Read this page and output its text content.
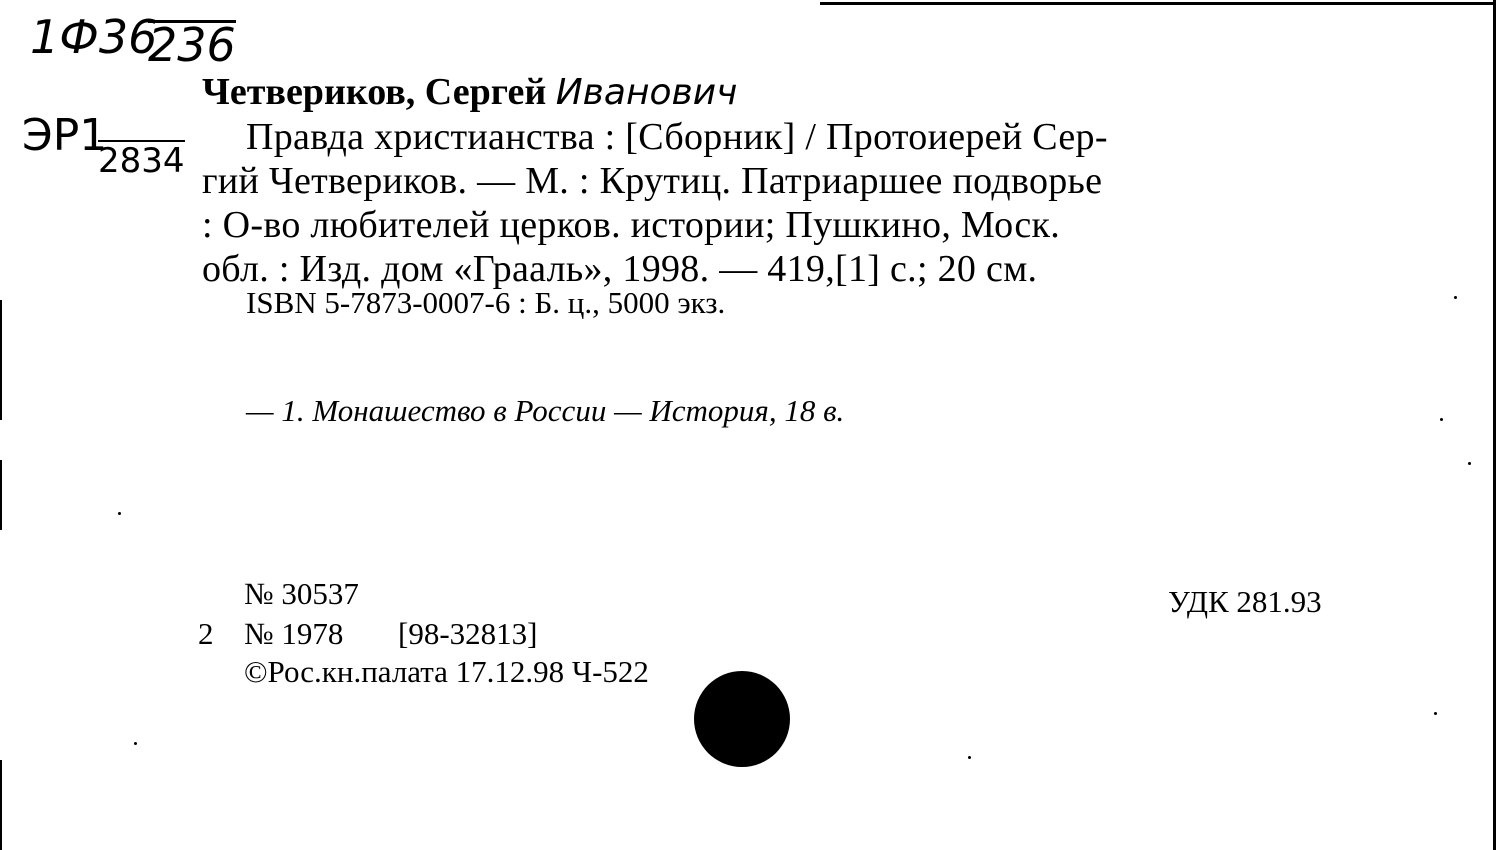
1Ф36
236
ЭР1
2834
Четвериков, Сергей Иванович
Правда христианства : [Сборник] / Протоиерей Сер-
гий Четвериков. — М. : Крутиц. Патриаршее подворье
: О-во любителей церков. истории; Пушкино, Моск.
обл. : Изд. дом «Грааль», 1998. — 419,[1] с.; 20 см.
ISBN 5-7873-0007-6 : Б. ц., 5000 экз.
— 1. Монашество в России — История, 18 в.
№ 30537
2 № 1978 [98-32813]
©Рос.кн.палата 17.12.98 Ч-522
УДК 281.93
